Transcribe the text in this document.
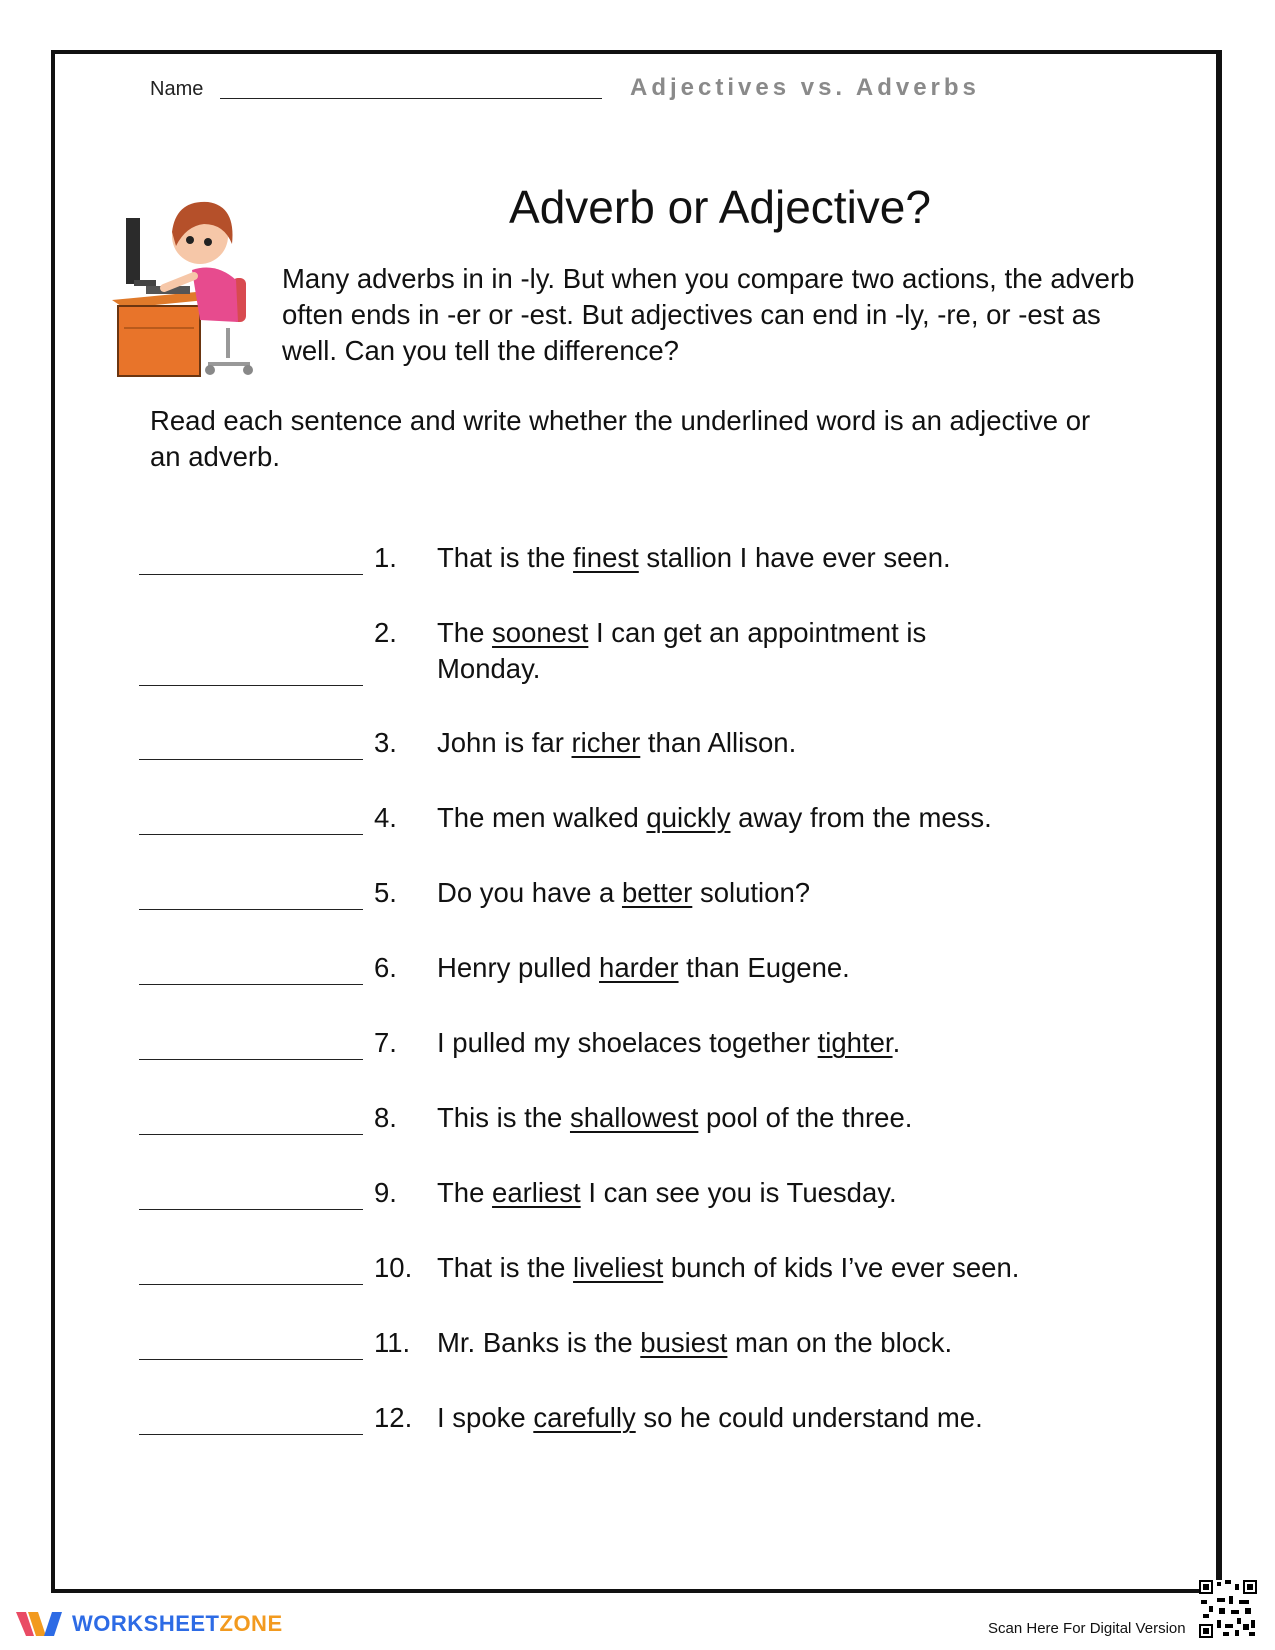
Name	Adjectives vs. Adverbs
Adverb or Adjective?
Many adverbs in in -ly. But when you compare two actions, the adverb often ends in -er or -est. But adjectives can end in -ly, -re, or -est as well. Can you tell the difference?
Read each sentence and write whether the underlined word is an adjective or an adverb.
1. That is the finest stallion I have ever seen.
2. The soonest I can get an appointment is Monday.
3. John is far richer than Allison.
4. The men walked quickly away from the mess.
5. Do you have a better solution?
6. Henry pulled harder than Eugene.
7. I pulled my shoelaces together tighter.
8. This is the shallowest pool of the three.
9. The earliest I can see you is Tuesday.
10. That is the liveliest bunch of kids I’ve ever seen.
11. Mr. Banks is the busiest man on the block.
12. I spoke carefully so he could understand me.
WORKSHEETZONE	Scan Here For Digital Version
